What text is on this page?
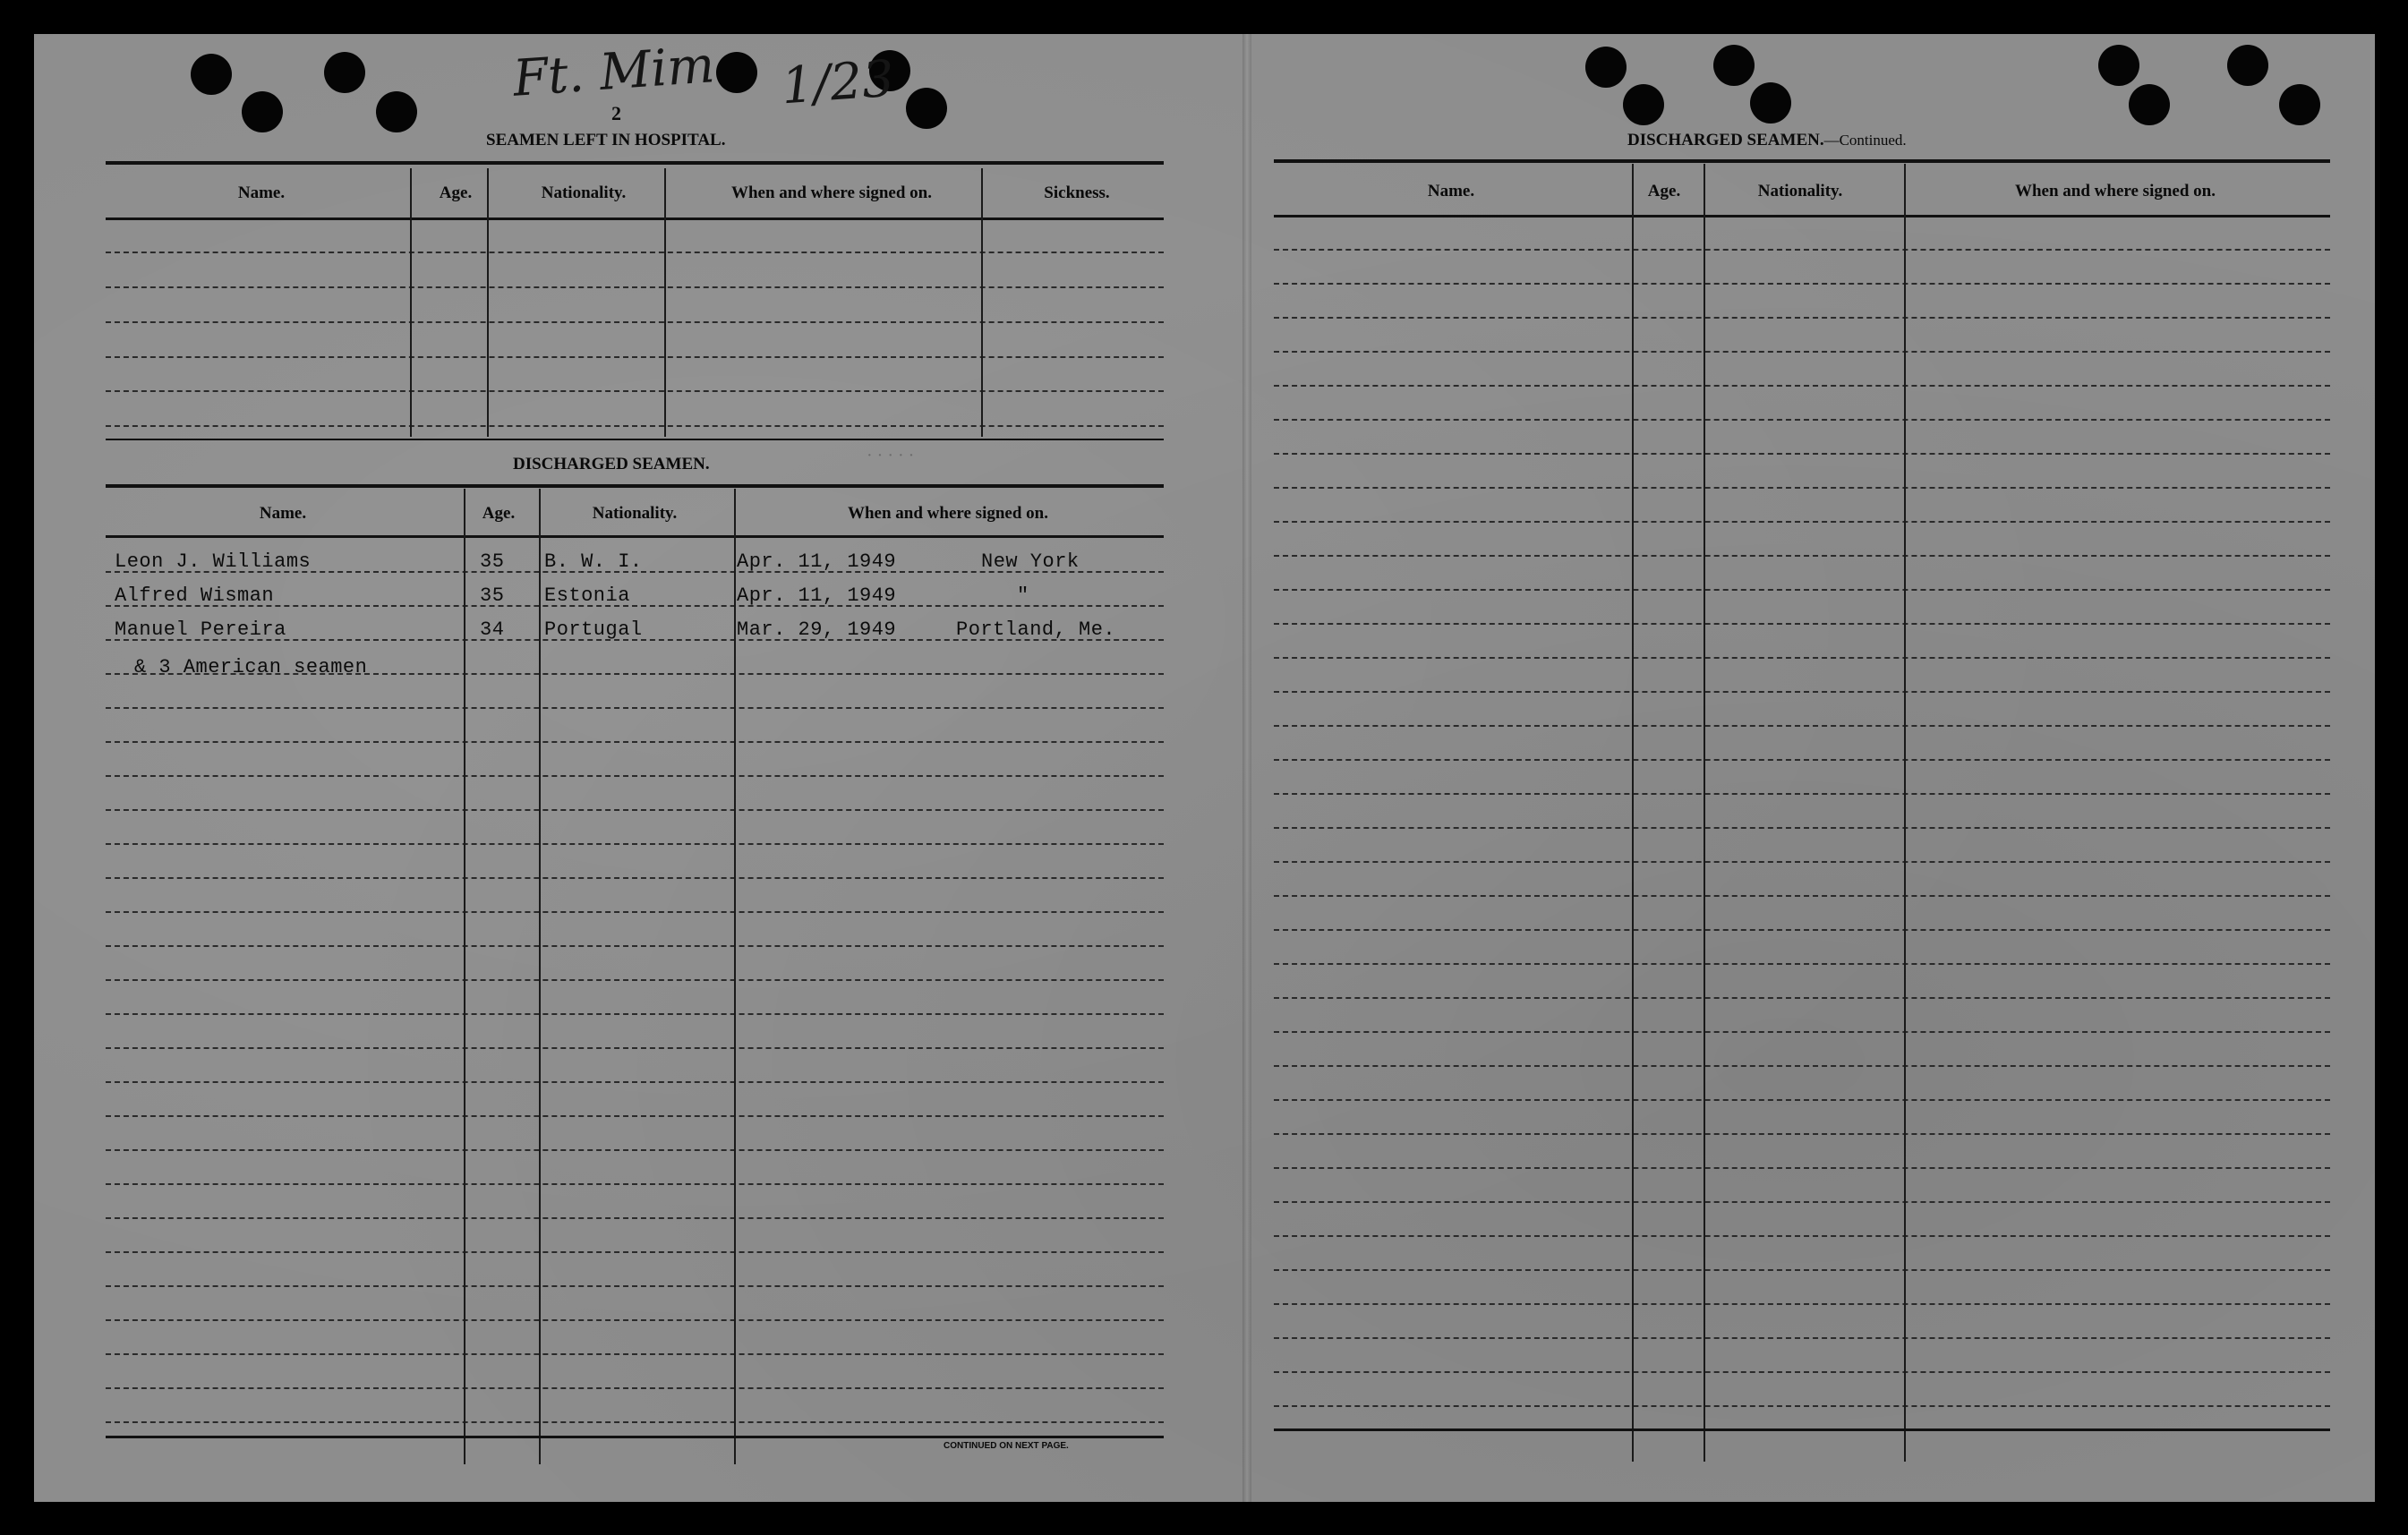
Ft. Mim 1/23
· · · · ·
2
SEAMEN LEFT IN HOSPITAL.
Name.	Age.	Nationality.	When and where signed on.	Sickness.
DISCHARGED SEAMEN.
Name.	Age.	Nationality.	When and where signed on.
Leon J. Williams	35 B. W. I.	Apr. 11, 1949	New York
Alfred Wisman	35 Estonia	Apr. 11, 1949	"
Manuel Pereira	34 Portugal	Mar. 29, 1949	Portland, Me.
& 3 American seamen
CONTINUED ON NEXT PAGE.
DISCHARGED SEAMEN.—Continued.
Name.	Age.	Nationality.	When and where signed on.
